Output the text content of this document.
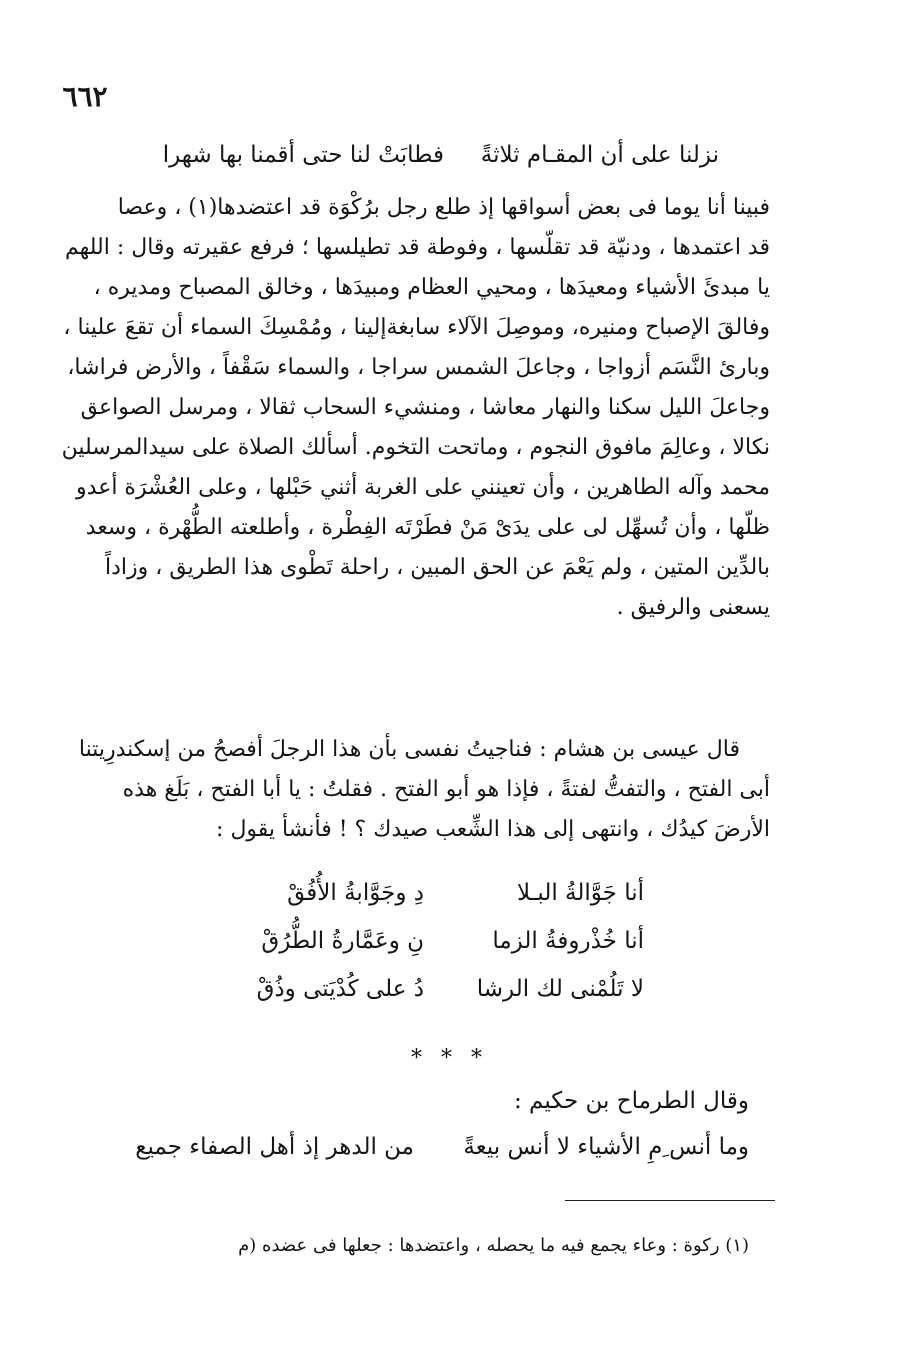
٦٦٢
نزلنا على أن المقـام ثلاثةً
فطابَتْ لنا حتى أقمنا بها شهرا
فبينا أنا يوما فى بعض أسواقها إذ طلع رجل برُكْوَة قد اعتضدها(١) ، وعصا
قد اعتمدها ، ودنيّة قد تقلّسها ، وفوطة قد تطيلسها ؛ فرفع عقيرته وقال : اللهم
يا مبدئَ الأشياء ومعيدَها ، ومحيي العظام ومبيدَها ، وخالق المصباح ومديره ،
وفالقَ الإصباح ومنيره، وموصِلَ الآلاء سابغةإلينا ، ومُمْسِكَ السماء أن تقعَ علينا ،
وبارئ النَّسَم أزواجا ، وجاعلَ الشمس سراجا ، والسماء سَقْفاً ، والأرض فراشا،
وجاعلَ الليل سكنا والنهار معاشا ، ومنشيء السحاب ثقالا ، ومرسل الصواعق
نكالا ، وعالِمَ مافوق النجوم ، وماتحت التخوم. أسألك الصلاة على سيدالمرسلين
محمد وآله الطاهرين ، وأن تعينني على الغربة أثني حَبْلها ، وعلى العُشْرَة أعدو
ظلّها ، وأن تُسهِّل لى على يدَىْ مَنْ فطَرْتَه الفِطْرة ، وأطلعته الطُّهْرة ، وسعد
بالدِّين المتين ، ولم يَعْمَ عن الحق المبين ، راحلة تَطْوى هذا الطريق ، وزاداً
يسعنى والرفيق .
قال عيسى بن هشام : فناجيتُ نفسى بأن هذا الرجلَ أفصحُ من إسكندرِيتنا
أبى الفتح ، والتفتُّ لفتةً ، فإذا هو أبو الفتح . فقلتُ : يا أبا الفتح ، بَلَغ هذه
الأرضَ كيدُك ، وانتهى إلى هذا الشِّعب صيدك ؟ ! فأنشأ يقول :
أنا جَوَّالةُ البـلا
دِ وجَوَّابةُ الأُفُقْ
أنا خُذْروفةُ الزما
نِ وعَمَّارةُ الطُّرُقْ
لا تَلُمْنى لك الرشا
دُ على كُدْيَتى وذُقْ
* * *
وقال الطرماح بن حكيم :
وما أنس ِمِ الأشياء لا أنس بيعةً
من الدهر إذ أهل الصفاء جميع
(١) ركوة : وعاء يجمع فيه ما يحصله ، واعتضدها : جعلها فى عضده (م
